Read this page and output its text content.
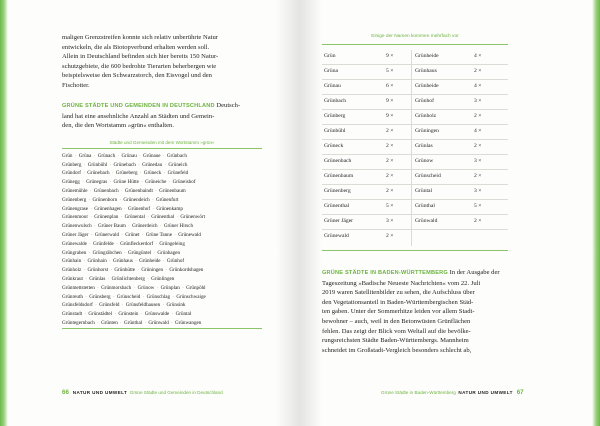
maligen Grenzstreifen konnte sich relativ unberührte Natur
entwickeln, die als Biotopverbund erhalten werden soll.
Allein in Deutschland befinden sich hier bereits 150 Natur-
schutzgebiete, die 600 bedrohte Tierarten beherbergen wie
beispielsweise den Schwarzstorch, den Eisvogel und den
Fischotter.

GRÜNE STÄDTE UND GEMEINDEN IN DEUTSCHLAND Deutsch-
land hat eine ansehnliche Anzahl an Städten und Gemein-
den, die den Wortstamm »grün« enthalten.

Städte und Gemeinden mit dem Wortstamm »grün«

Grün · Grüna · Grünach · Grünau · Grünaue · Grünbach
Grünberg · Grünbühl · Grünebach · Grünedau · Grüneich
Gründorf · Grünebach · Grüneberg · Grüneck · Grünefeld
Grünegg · Grünegras · Grüne Hütte · Grüneiche · Grüneishof
Grünemühle · Grünenbach · Grünenbaindt · Grünenbaum
Grünenberg · Grünenborn · Grünendeich · Grünenfurt
Grünengrase · Grünenhagen · Grünenhof · Grünenkamp
Grünenmoor · Grünenplan · Grünental · Grünenthal · Grünenwört
Grünenwulsch · Grüner Baum · Grünerdeich · Grüner Hirsch
Grüner Jäger · Grünerwald · Grünet · Grüne Tanne · Grünewald
Grünewalde · Grünfelde · Grünfleckerdorf · Grüngeleing
Grüngraben · Grüngräbchen · Grüngüntel · Grünhagen
Grünhain · Grünhain · Grünhaus · Grünheide · Grünhof
Grünholz · Grünhorst · Grünhütte · Grüningen · Grünkordshagen
Grünkraut · Grünlas · Grünlichtenberg · Grünlingen
Grünmettstetten · Grünmorsbach · Grünow · Grünplan · Grünpöhl
Grünreuth · Grünsberg · Grünscheid · Grünschlag · Grünschwaige
Grünsfeldsdorf · Grünsfeld · Grünsfeldhausen · Grünsink
Grünstadt · Grünstädtel · Grünstein · Grünswalde · Grüntal
Grüntegernbach · Grünten · Grünthal · Grünwald · Grünwangen
66 NATUR UND UMWELT Grüne Städte und Gemeinden in Deutschland
Einige der Namen kommen mehrfach vor
Grün	9 ×	Grünheide	4 ×
Grüna	5 ×	Grünhaus	2 ×
Grünau	6 ×	Grünheide	4 ×
Grünbach	9 ×	Grünhof	3 ×
Grünberg	9 ×	Grünholz	2 ×
Grünbühl	2 ×	Grüningen	4 ×
Grüneck	2 ×	Grünlas	2 ×
Grünenbach	2 ×	Grünow	3 ×
Grünenbaum	2 ×	Grünscheid	2 ×
Grünenberg	2 ×	Grüntal	3 ×
Grünenthal	5 ×	Grünthal	5 ×
Grüner Jäger	3 ×	Grünwald	2 ×
Grünewald	2 ×

GRÜNE STÄDTE IN BADEN-WÜRTTEMBERG In der Ausgabe der
Tageszeitung »Badische Neueste Nachrichten« vom 22. Juli
2019 waren Satellitenbilder zu sehen, die Aufschluss über
den Vegetationsanteil in Baden-Württembergischen Städ-
ten gaben. Unter der Sommerhitze leiden vor allem Stadt-
bewohner – auch, weil in den Betonwüsten Grünflächen
fehlen. Das zeigt der Blick vom Weltall auf die bevölke-
rungsreichsten Städte Baden-Württembergs. Mannheim
schneidet im Großstadt-Vergleich besonders schlecht ab,

Grüne Städte in Baden-Württemberg NATUR UND UMWELT 67
